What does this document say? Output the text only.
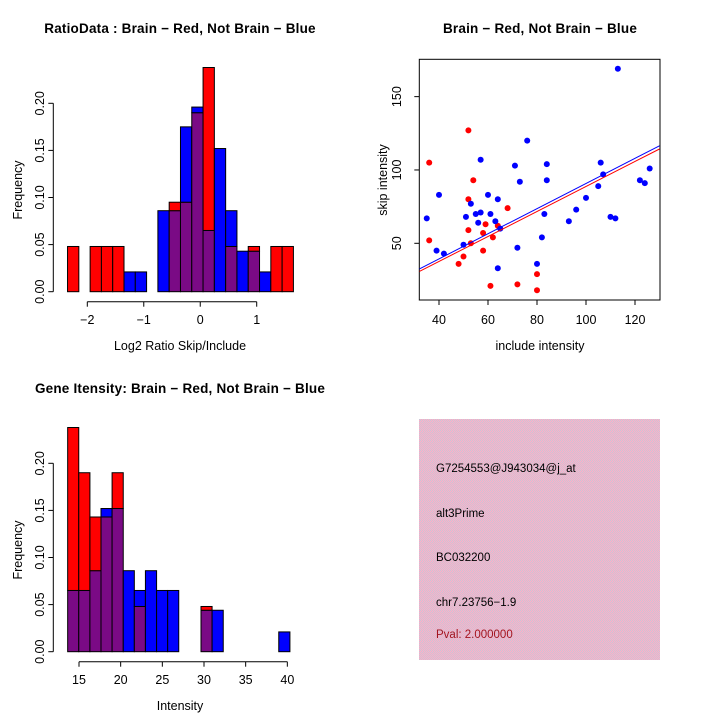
0.00
0.05
0.10
0.15
0.20
−2	−1	0	1
RatioData : Brain − Red, Not Brain − Blue
Log2 Ratio Skip/Include
Frequency
40	60	80	100 120
50
100
150
Brain − Red, Not Brain − Blue
include intensity
skip intensity
0.00
0.05
0.10
0.15
0.20
15 20 25 30 35 40
Gene Itensity: Brain − Red, Not Brain − Blue
Intensity
Frequency
G7254553@J943034@j_at
alt3Prime
BC032200
chr7.23756−1.9
Pval: 2.000000
